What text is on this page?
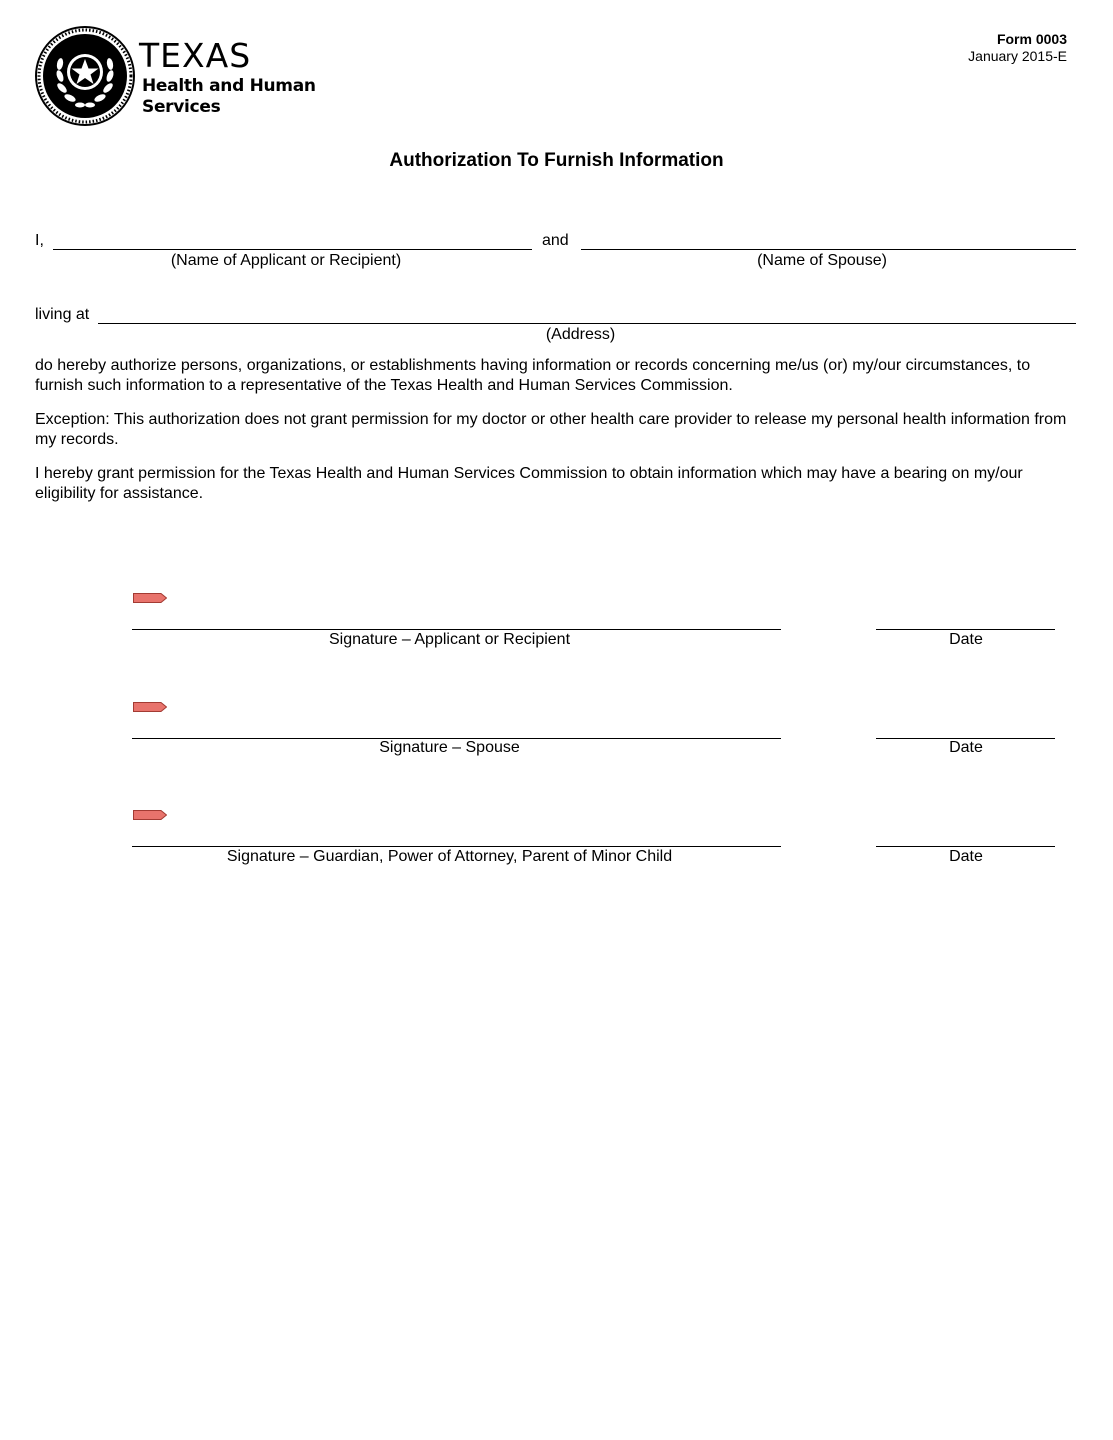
TEXAS
Health and Human
Services
Form 0003
January 2015-E
Authorization To Furnish Information
I,	and
(Name of Applicant or Recipient)	(Name of Spouse)
living at
(Address)
do hereby authorize persons, organizations, or establishments having information or records concerning me/us (or) my/our circumstances, to furnish such information to a representative of the Texas Health and Human Services Commission.
Exception: This authorization does not grant permission for my doctor or other health care provider to release my personal health information from my records.
I hereby grant permission for the Texas Health and Human Services Commission to obtain information which may have a bearing on my/our eligibility for assistance.
Signature – Applicant or Recipient	Date
Signature – Spouse	Date
Signature – Guardian, Power of Attorney, Parent of Minor Child	Date
